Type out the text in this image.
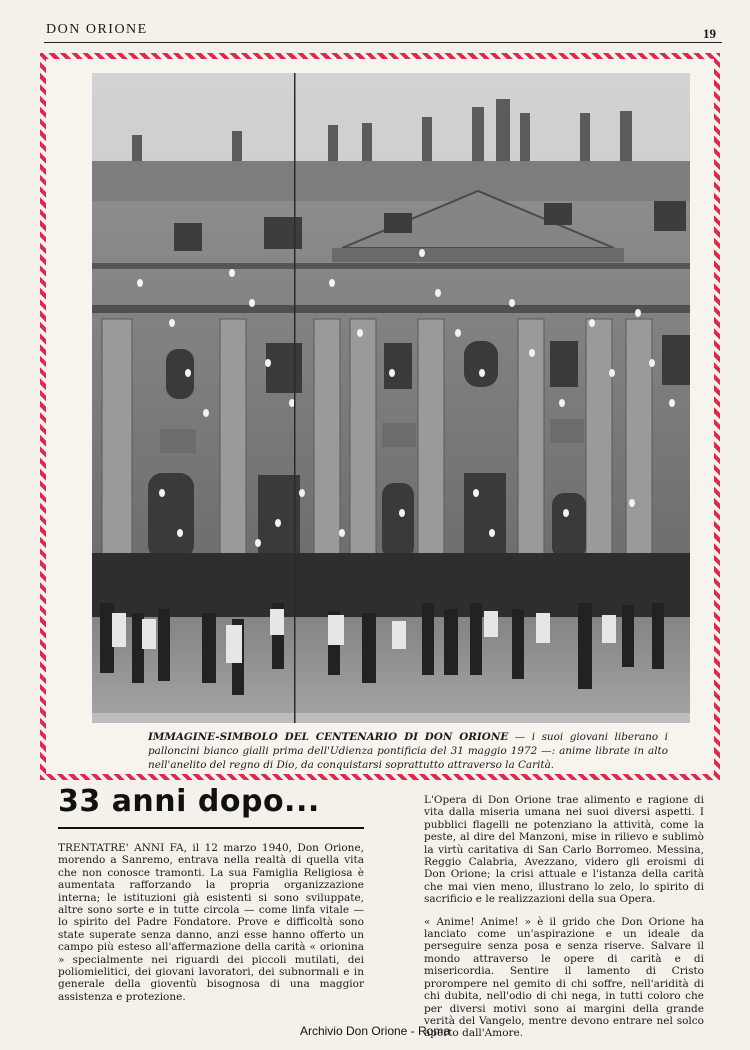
DON ORIONE	19
IMMAGINE-SIMBOLO DEL CENTENARIO DI DON ORIONE — i suoi giovani liberano i palloncini bianco gialli prima dell'Udienza pontificia del 31 maggio 1972 —: anime librate in alto nell'anelito del regno di Dio, da conquistarsi soprattutto attraverso la Carità.
33 anni dopo...

TRENTATRE' ANNI FA, il 12 marzo 1940, Don Orione, morendo a Sanremo, entrava nella realtà di quella vita che non conosce tramonti. La sua Famiglia Religiosa è aumentata rafforzando la propria organizzazione interna; le istituzioni già esistenti si sono sviluppate, altre sono sorte e in tutte circola — come linfa vitale — lo spirito del Padre Fondatore. Prove e difficoltà sono state superate senza danno, anzi esse hanno offerto un campo più esteso all'affermazione della carità « orionina » specialmente nei riguardi dei piccoli mutilati, dei poliomielitici, dei giovani lavoratori, dei subnormali e in generale della gioventù bisognosa di una maggior assistenza e protezione.

L'Opera di Don Orione trae alimento e ragione di vita dalla miseria umana nei suoi diversi aspetti. I pubblici flagelli ne potenziano la attività, come la peste, al dire del Manzoni, mise in rilievo e sublimò la virtù caritativa di San Carlo Borromeo. Messina, Reggio Calabria, Avezzano, videro gli eroismi di Don Orione; la crisi attuale e l'istanza della carità che mai vien meno, illustrano lo zelo, lo spirito di sacrificio e le realizzazioni della sua Opera.

« Anime! Anime! » è il grido che Don Orione ha lanciato come un'aspirazione e un ideale da perseguire senza posa e senza riserve. Salvare il mondo attraverso le opere di carità e di misericordia. Sentire il lamento di Cristo prorompere nel gemito di chi soffre, nell'aridità di chi dubita, nell'odio di chi nega, in tutti coloro che per diversi motivi sono ai margini della grande verità del Vangelo, mentre devono entrare nel solco aperto dall'Amore.

Archivio Don Orione - Roma
